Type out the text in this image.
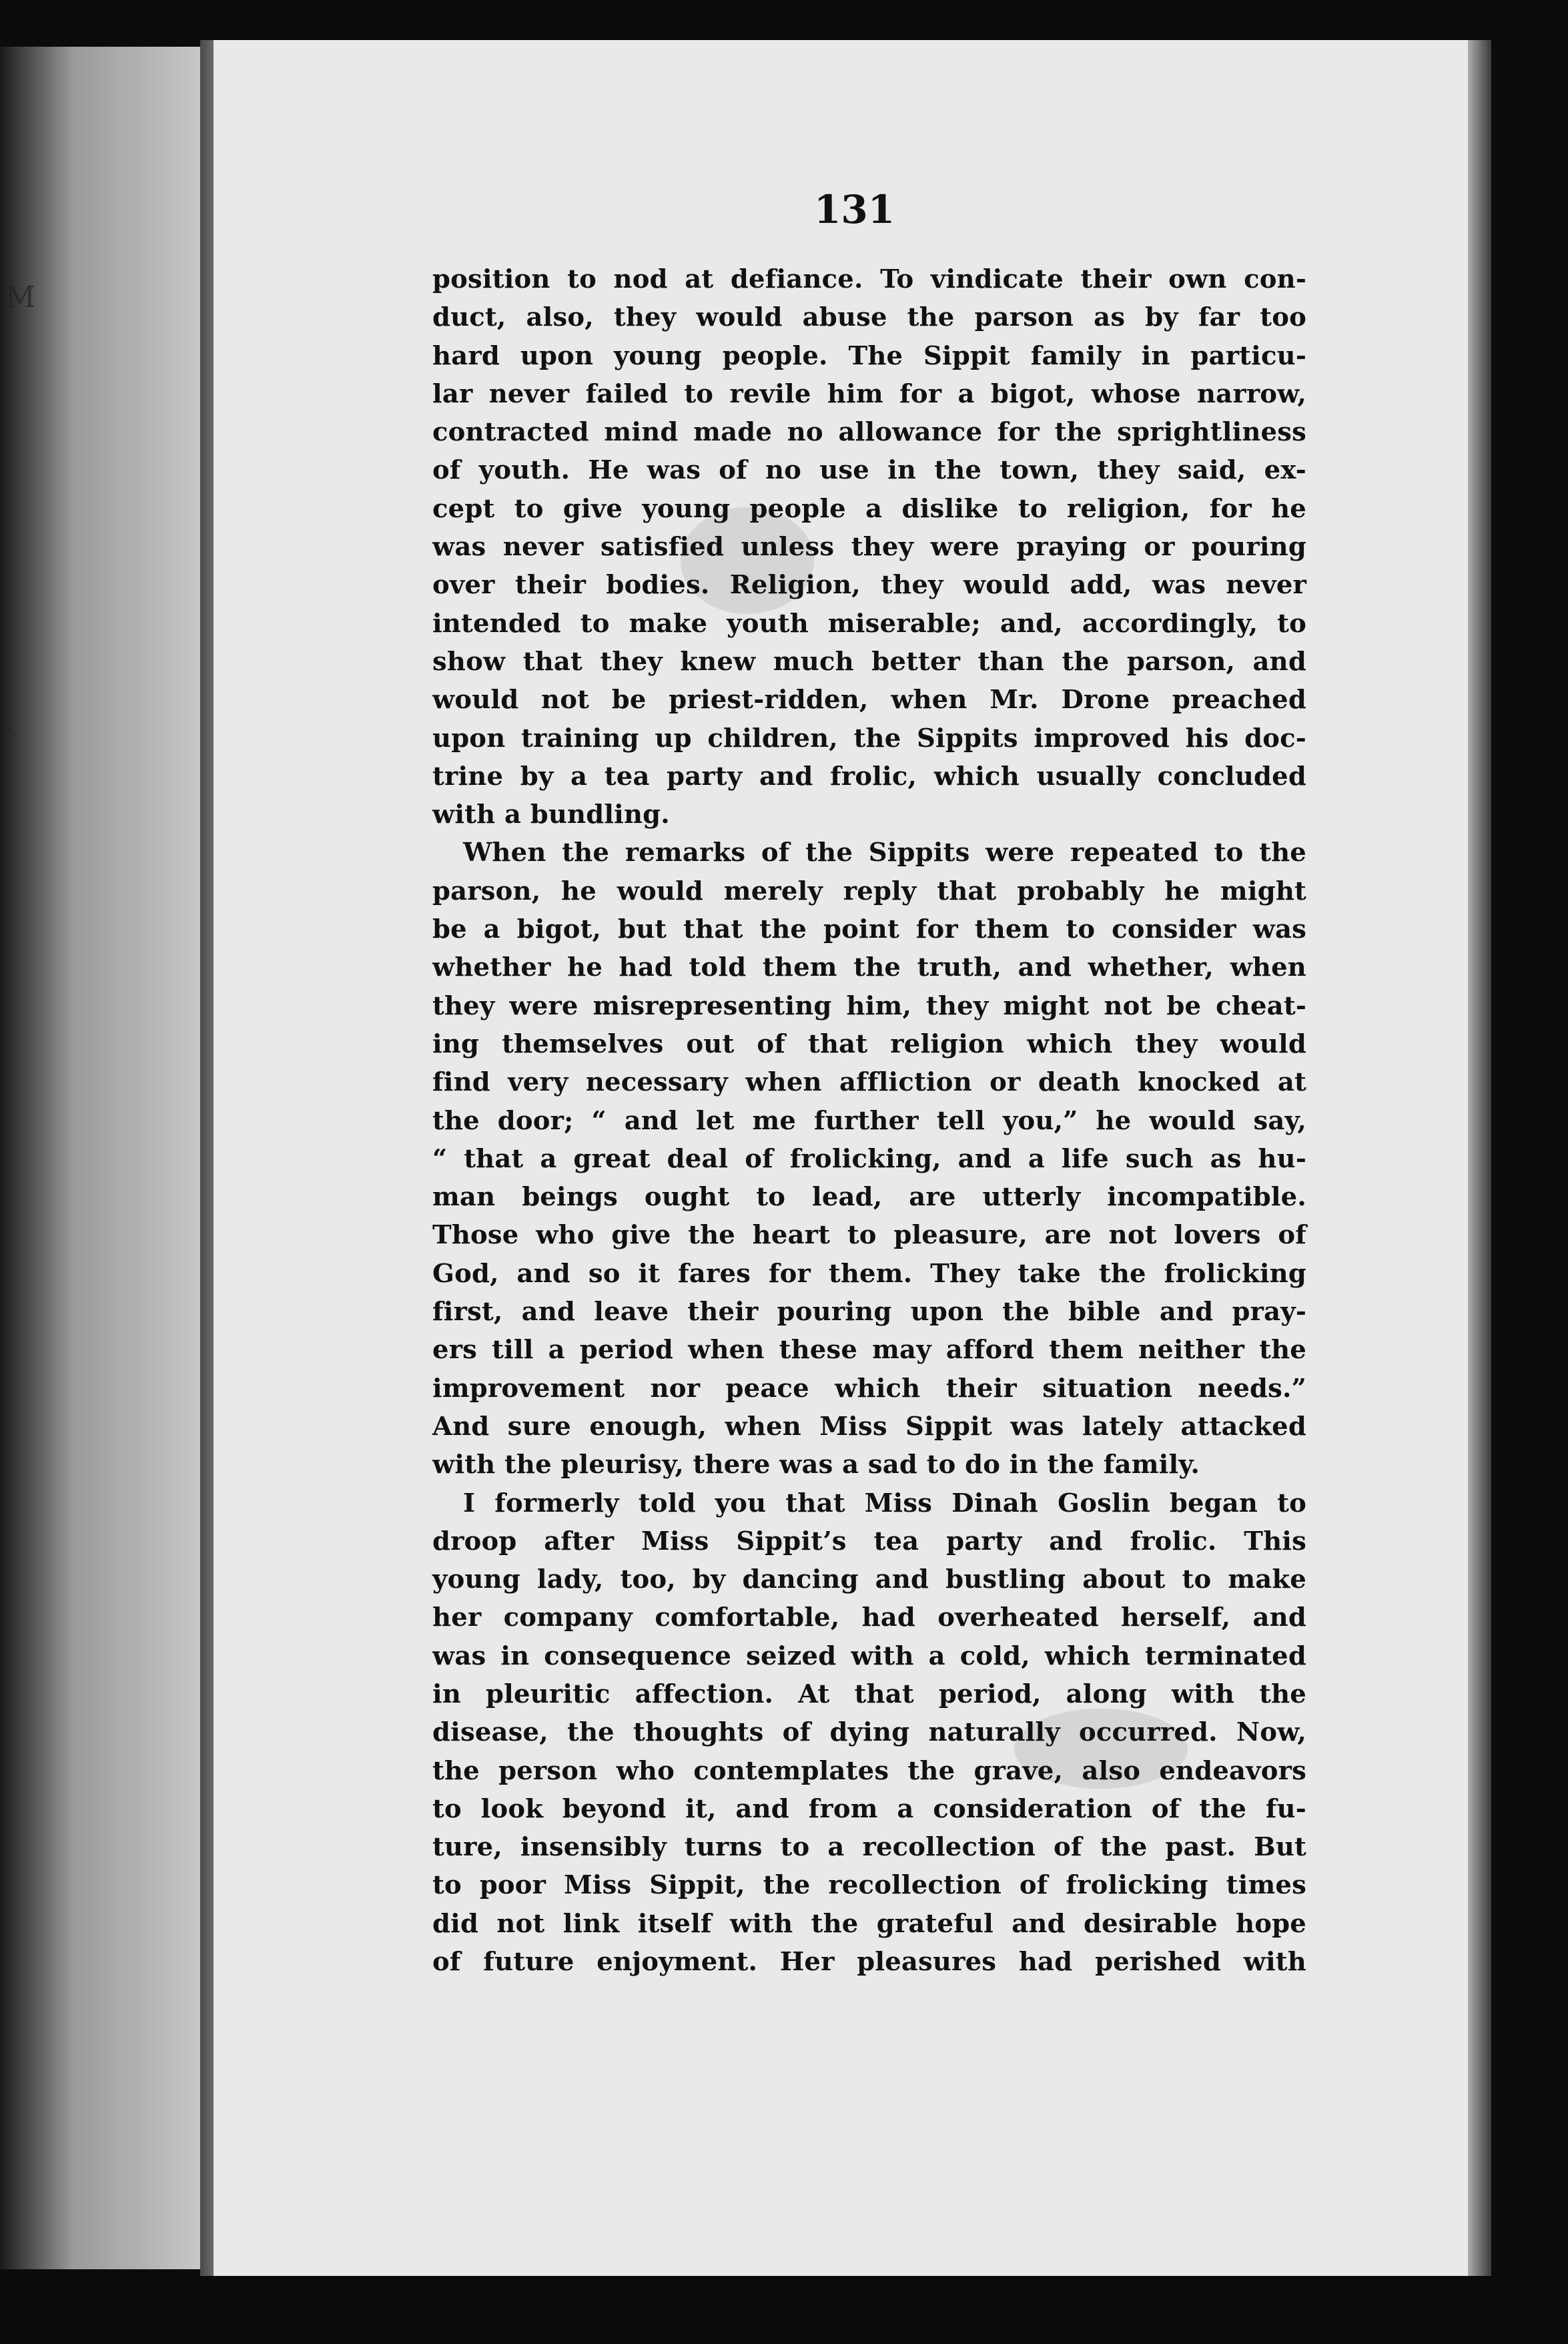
M
·
131
position to nod at defiance. To vindicate their own con-
duct, also, they would abuse the parson as by far too
hard upon young people. The Sippit family in particu-
lar never failed to revile him for a bigot, whose narrow,
contracted mind made no allowance for the sprightliness
of youth. He was of no use in the town, they said, ex-
cept to give young people a dislike to religion, for he
was never satisfied unless they were praying or pouring
over their bodies. Religion, they would add, was never
intended to make youth miserable; and, accordingly, to
show that they knew much better than the parson, and
would not be priest-ridden, when Mr. Drone preached
upon training up children, the Sippits improved his doc-
trine by a tea party and frolic, which usually concluded
with a bundling.
When the remarks of the Sippits were repeated to the
parson, he would merely reply that probably he might
be a bigot, but that the point for them to consider was
whether he had told them the truth, and whether, when
they were misrepresenting him, they might not be cheat-
ing themselves out of that religion which they would
find very necessary when affliction or death knocked at
the door; “ and let me further tell you,” he would say,
“ that a great deal of frolicking, and a life such as hu-
man beings ought to lead, are utterly incompatible.
Those who give the heart to pleasure, are not lovers of
God, and so it fares for them. They take the frolicking
first, and leave their pouring upon the bible and pray-
ers till a period when these may afford them neither the
improvement nor peace which their situation needs.”
And sure enough, when Miss Sippit was lately attacked
with the pleurisy, there was a sad to do in the family.
I formerly told you that Miss Dinah Goslin began to
droop after Miss Sippit’s tea party and frolic. This
young lady, too, by dancing and bustling about to make
her company comfortable, had overheated herself, and
was in consequence seized with a cold, which terminated
in pleuritic affection. At that period, along with the
disease, the thoughts of dying naturally occurred. Now,
the person who contemplates the grave, also endeavors
to look beyond it, and from a consideration of the fu-
ture, insensibly turns to a recollection of the past. But
to poor Miss Sippit, the recollection of frolicking times
did not link itself with the grateful and desirable hope
of future enjoyment. Her pleasures had perished with
